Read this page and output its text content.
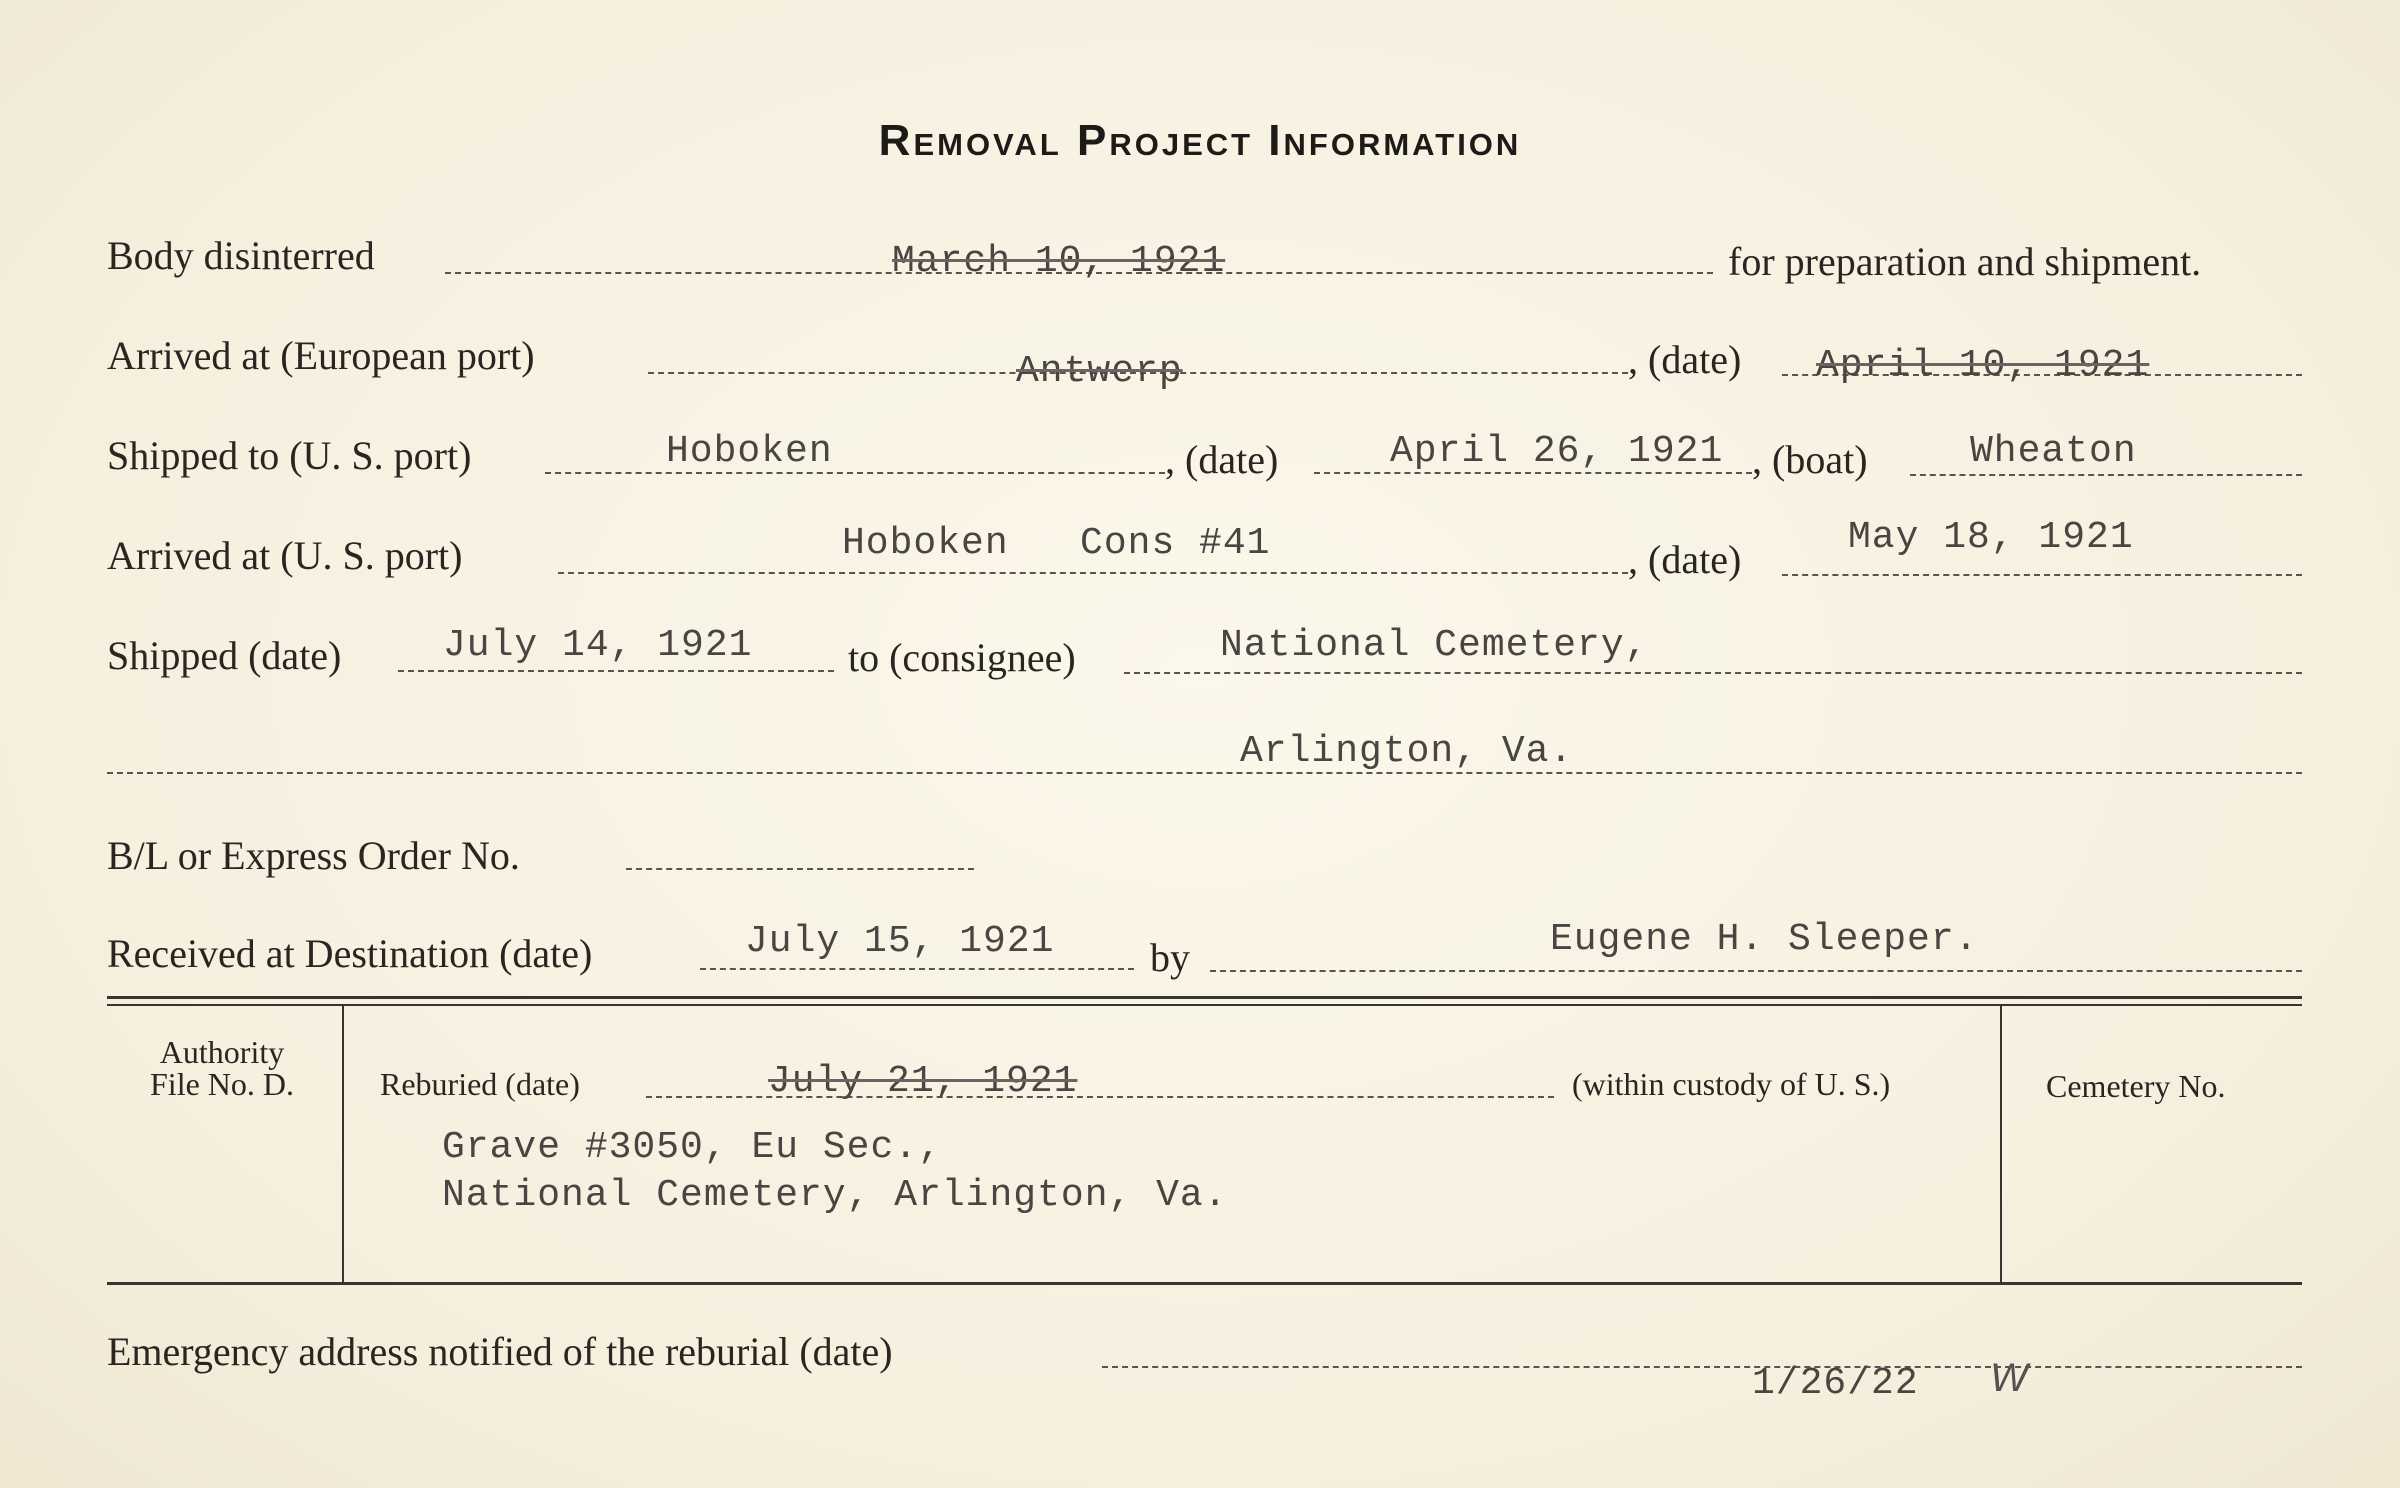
Removal Project Information
Body disinterred	March 10, 1921	for preparation and shipment.
Arrived at (European port)	Antwerp	, (date) April 10, 1921
Shipped to (U. S. port)	Hoboken	, (date)	April 26, 1921 , (boat)	Wheaton
Arrived at (U. S. port)	Hoboken   Cons #41	, (date)	May 18, 1921
Shipped (date)	July 14, 1921 to (consignee)	National Cemetery,
Arlington, Va.
B/L or Express Order No.
Received at Destination (date)	July 15, 1921 by	Eugene H. Sleeper.
Authority
File No. D.	Reburied (date)	July 21, 1921	(within custody of U. S.)
Grave #3050, Eu Sec.,
National Cemetery, Arlington, Va.
Cemetery No.
Emergency address notified of the reburial (date)
1/26/22 W
